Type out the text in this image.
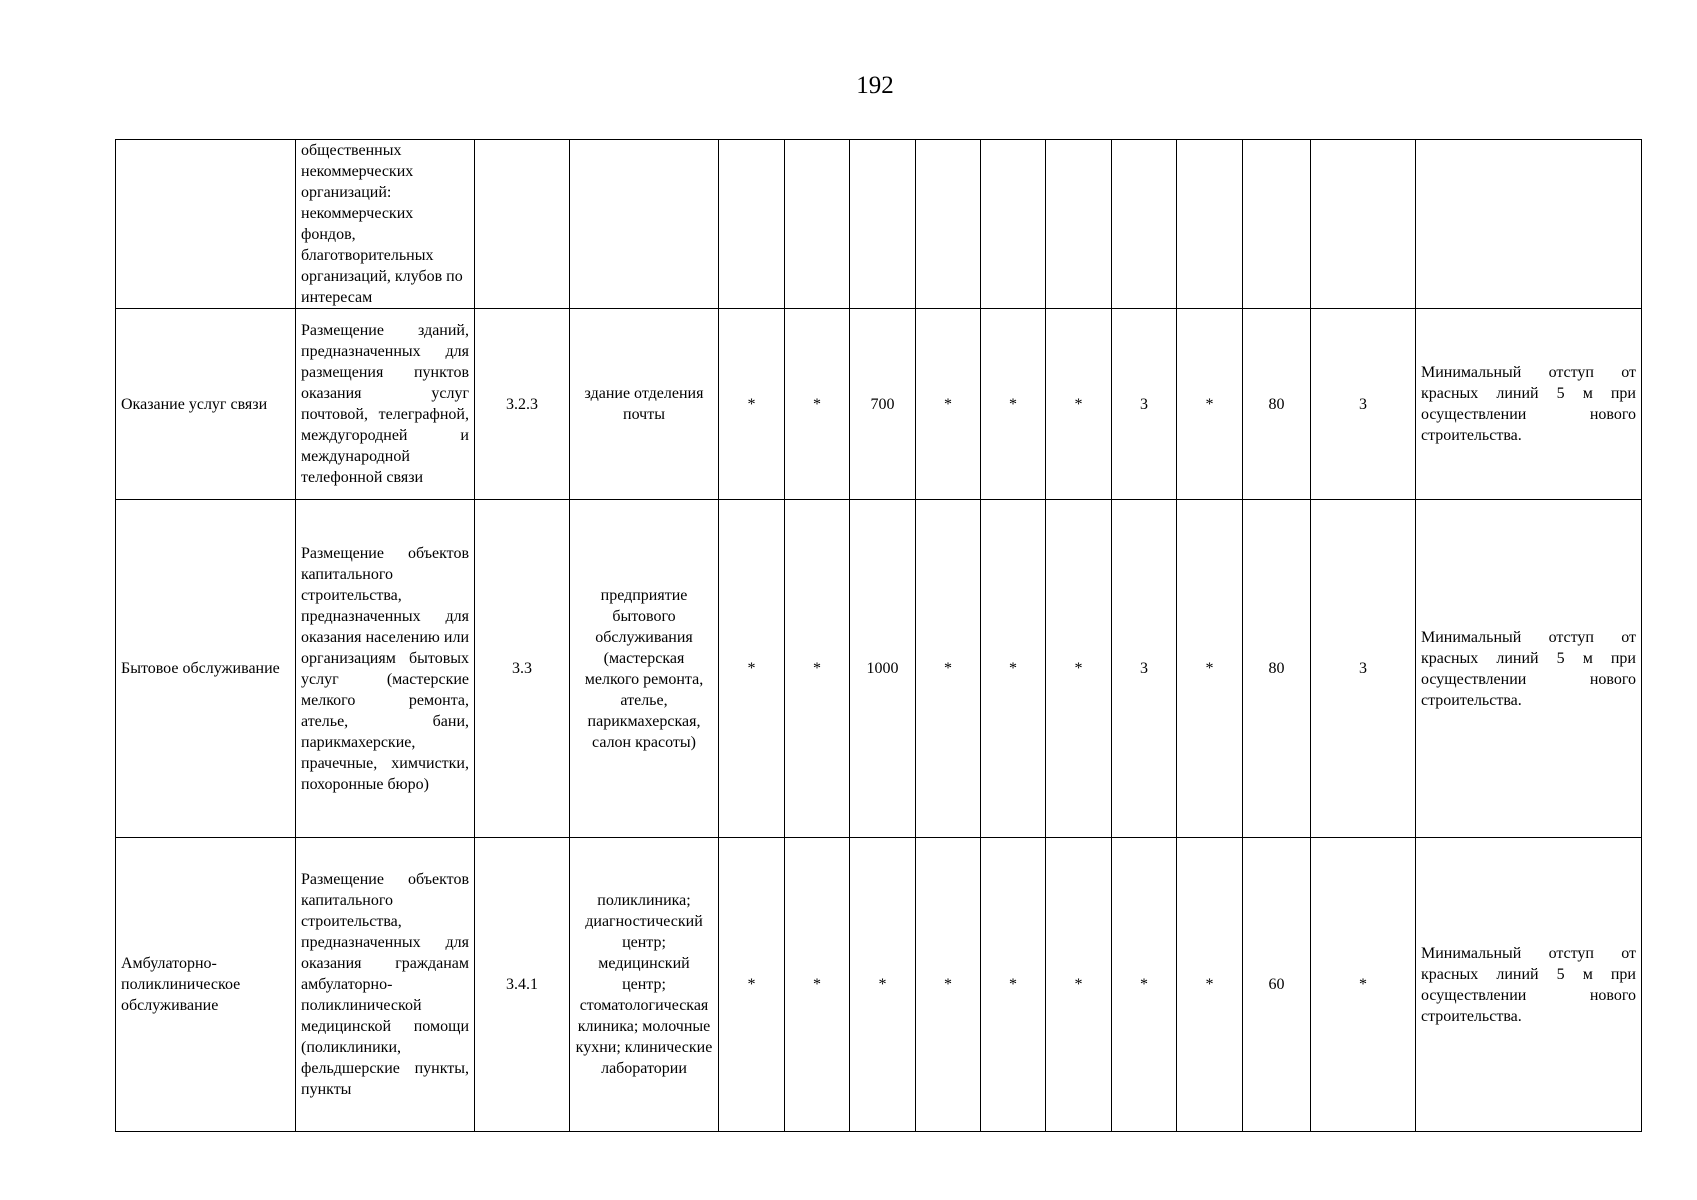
192
	общественных некоммерческих организаций: некоммерческих фондов, благотворительных организаций, клубов по интересам													
Оказание услуг связи	Размещение зданий, предназначенных для размещения пунктов оказания услуг почтовой, телеграфной, междугородней и международной телефонной связи	3.2.3	здание отделения почты	*	*	700	*	*	*	3	*	80	3	Минимальный отступ от красных линий 5 м при осуществлении нового строительства.
Бытовое обслуживание	Размещение объектов капитального строительства, предназначенных для оказания населению или организациям бытовых услуг (мастерские мелкого ремонта, ателье, бани, парикмахерские, прачечные, химчистки, похоронные бюро)	3.3	предприятие бытового обслуживания (мастерская мелкого ремонта, ателье, парикмахерская, салон красоты)	*	*	1000	*	*	*	3	*	80	3	Минимальный отступ от красных линий 5 м при осуществлении нового строительства.
Амбулаторно-поликлиническое обслуживание	Размещение объектов капитального строительства, предназначенных для оказания гражданам амбулаторно-поликлинической медицинской помощи (поликлиники, фельдшерские пункты, пункты	3.4.1	поликлиника; диагностический центр; медицинский центр; стоматологическая клиника; молочные кухни; клинические лаборатории	*	*	*	*	*	*	*	*	60	*	Минимальный отступ от красных линий 5 м при осуществлении нового строительства.
